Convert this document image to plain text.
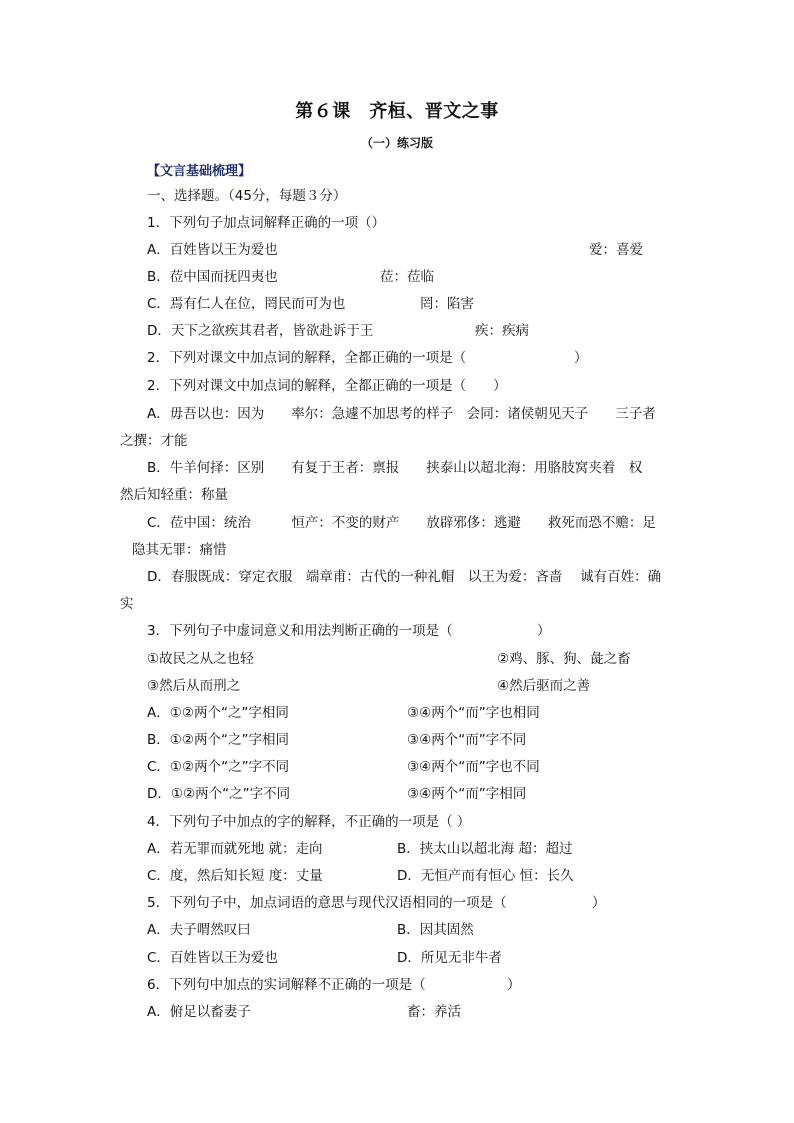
第６课　齐桓、晋文之事
（一）练习版
【文言基础梳理】
一、选择题。（45分，每题３分）
1．下列句子加点词解释正确的一项（）
A．百姓皆以王为爱也	爱：喜爱
B．莅中国而抚四夷也	莅：莅临
C．焉有仁人在位，罔民而可为也	罔：陷害
D．天下之欲疾其君者，皆欲赴诉于王	疾：疾病
2．下列对课文中加点词的解释，全都正确的一项是（	）
2．下列对课文中加点词的解释，全都正确的一项是（　　）
A．毋吾以也：因为　　率尔：急遽不加思考的样子　会同：诸侯朝见天子　　三子者
之撰：才能
B．牛羊何择：区别　　有复于王者：禀报　　挟泰山以超北海：用胳肢窝夹着　权
然后知轻重：称量
C．莅中国：统治　　　恒产：不变的财产　　放辟邪侈：逃避　　救死而恐不赡：足
隐其无罪：痛惜
D．春服既成：穿定衣服　端章甫：古代的一种礼帽　以王为爱：吝啬　 诚有百姓：确
实
3．下列句子中虚词意义和用法判断正确的一项是（	）
①故民之从之也轻	②鸡、豚、狗、彘之畜
③然后从而刑之	④然后驱而之善
A．①②两个“之”字相同	③④两个“而”字也相同
B．①②两个“之”字相同	③④两个“而”字不同
C．①②两个“之”字不同	③④两个“而”字也不同
D．①②两个“之”字不同	③④两个“而”字相同
4．下列句子中加点的字的解释，不正确的一项是（ ）
A．若无罪而就死地 就：走向	B．挟太山以超北海 超：超过
C．度，然后知长短 度：丈量	D．无恒产而有恒心 恒：长久
5．下列句子中，加点词语的意思与现代汉语相同的一项是（	）
A．夫子喟然叹曰	B．因其固然
C．百姓皆以王为爱也	D．所见无非牛者
6．下列句中加点的实词解释不正确的一项是（	）
A．俯足以畜妻子	畜：养活
